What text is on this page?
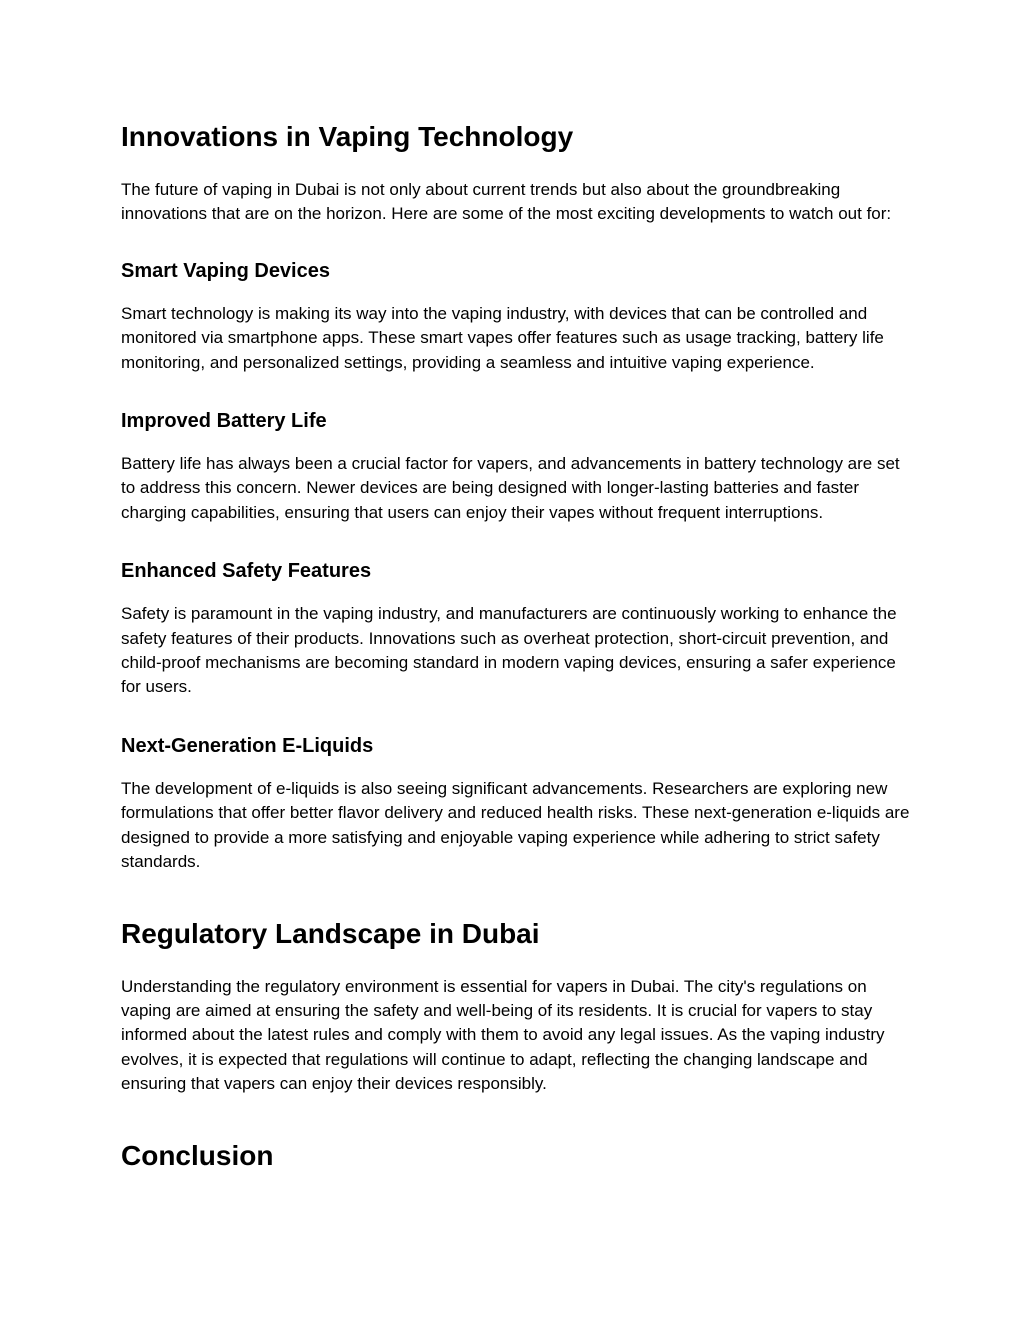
Innovations in Vaping Technology

The future of vaping in Dubai is not only about current trends but also about the groundbreaking innovations that are on the horizon. Here are some of the most exciting developments to watch out for:

Smart Vaping Devices

Smart technology is making its way into the vaping industry, with devices that can be controlled and monitored via smartphone apps. These smart vapes offer features such as usage tracking, battery life monitoring, and personalized settings, providing a seamless and intuitive vaping experience.

Improved Battery Life

Battery life has always been a crucial factor for vapers, and advancements in battery technology are set to address this concern. Newer devices are being designed with longer-lasting batteries and faster charging capabilities, ensuring that users can enjoy their vapes without frequent interruptions.

Enhanced Safety Features

Safety is paramount in the vaping industry, and manufacturers are continuously working to enhance the safety features of their products. Innovations such as overheat protection, short-circuit prevention, and child-proof mechanisms are becoming standard in modern vaping devices, ensuring a safer experience for users.

Next-Generation E-Liquids

The development of e-liquids is also seeing significant advancements. Researchers are exploring new formulations that offer better flavor delivery and reduced health risks. These next-generation e-liquids are designed to provide a more satisfying and enjoyable vaping experience while adhering to strict safety standards.

Regulatory Landscape in Dubai

Understanding the regulatory environment is essential for vapers in Dubai. The city's regulations on vaping are aimed at ensuring the safety and well-being of its residents. It is crucial for vapers to stay informed about the latest rules and comply with them to avoid any legal issues. As the vaping industry evolves, it is expected that regulations will continue to adapt, reflecting the changing landscape and ensuring that vapers can enjoy their devices responsibly.

Conclusion
